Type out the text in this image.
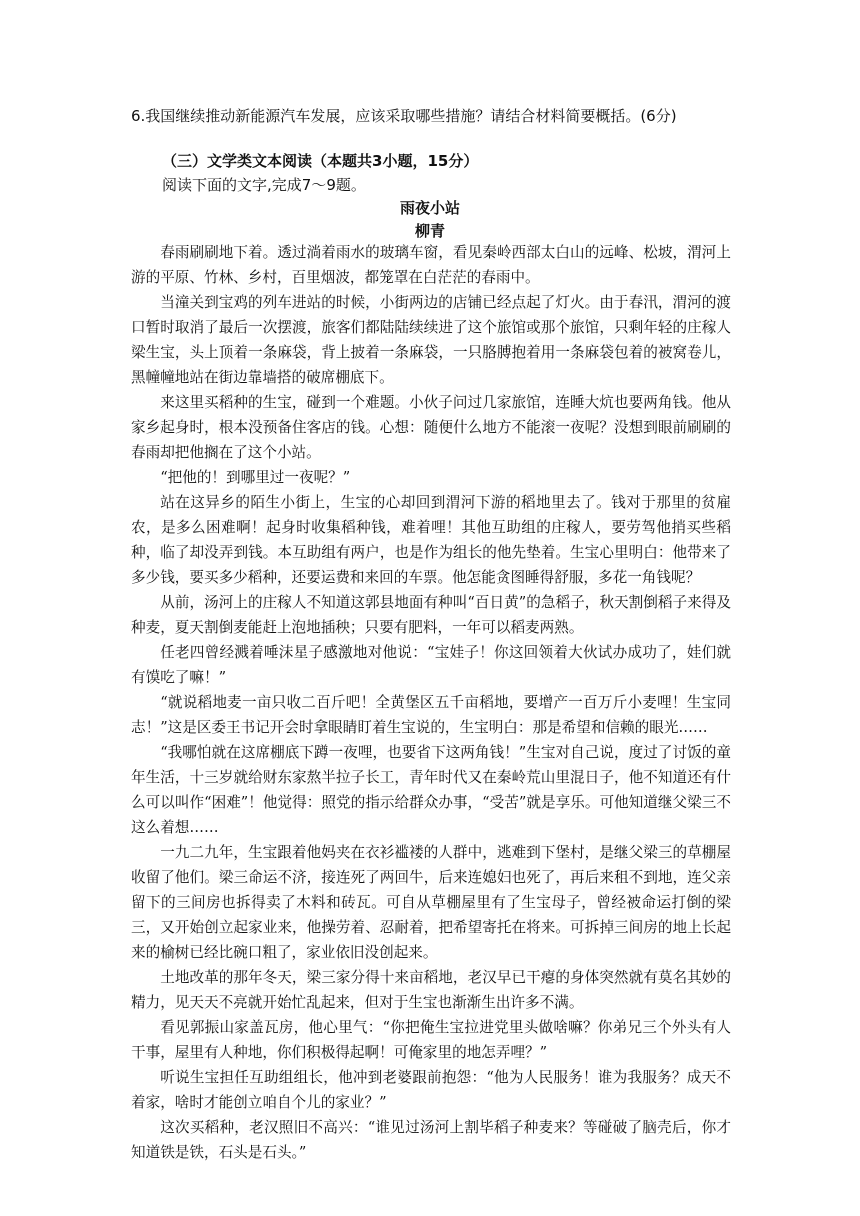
6.我国继续推动新能源汽车发展，应该采取哪些措施？请结合材料简要概括。(6分)
（三）文学类文本阅读（本题共3小题，15分）
阅读下面的文字,完成7～9题。
雨夜小站
柳青

春雨刷刷地下着。透过淌着雨水的玻璃车窗，看见秦岭西部太白山的远峰、松坡，渭河上游的平原、竹林、乡村，百里烟波，都笼罩在白茫茫的春雨中。

当潼关到宝鸡的列车进站的时候，小街两边的店铺已经点起了灯火。由于春汛，渭河的渡口暂时取消了最后一次摆渡，旅客们都陆陆续续进了这个旅馆或那个旅馆，只剩年轻的庄稼人梁生宝，头上顶着一条麻袋，背上披着一条麻袋，一只胳膊抱着用一条麻袋包着的被窝卷儿，黑幢幢地站在街边靠墙搭的破席棚底下。

来这里买稻种的生宝，碰到一个难题。小伙子问过几家旅馆，连睡大炕也要两角钱。他从家乡起身时，根本没预备住客店的钱。心想：随便什么地方不能滚一夜呢？没想到眼前刷刷的春雨却把他搁在了这个小站。

“把他的！到哪里过一夜呢？”

站在这异乡的陌生小街上，生宝的心却回到渭河下游的稻地里去了。钱对于那里的贫雇农，是多么困难啊！起身时收集稻种钱，难着哩！其他互助组的庄稼人，要劳驾他捎买些稻种，临了却没弄到钱。本互助组有两户，也是作为组长的他先垫着。生宝心里明白：他带来了多少钱，要买多少稻种，还要运费和来回的车票。他怎能贪图睡得舒服，多花一角钱呢？

从前，汤河上的庄稼人不知道这郭县地面有种叫“百日黄”的急稻子，秋天割倒稻子来得及种麦，夏天割倒麦能赶上泡地插秧；只要有肥料，一年可以稻麦两熟。

任老四曾经溅着唾沫星子感激地对他说：“宝娃子！你这回领着大伙试办成功了，娃们就有馍吃了嘛！”

“就说稻地麦一亩只收二百斤吧！全黄堡区五千亩稻地，要增产一百万斤小麦哩！生宝同志！”这是区委王书记开会时拿眼睛盯着生宝说的，生宝明白：那是希望和信赖的眼光……

“我哪怕就在这席棚底下蹲一夜哩，也要省下这两角钱！”生宝对自己说，度过了讨饭的童年生活，十三岁就给财东家熬半拉子长工，青年时代又在秦岭荒山里混日子，他不知道还有什么可以叫作“困难”！他觉得：照党的指示给群众办事，“受苦”就是享乐。可他知道继父梁三不这么着想……

一九二九年，生宝跟着他妈夹在衣衫褴褛的人群中，逃难到下堡村，是继父梁三的草棚屋收留了他们。梁三命运不济，接连死了两回牛，后来连媳妇也死了，再后来租不到地，连父亲留下的三间房也拆得卖了木料和砖瓦。可自从草棚屋里有了生宝母子，曾经被命运打倒的梁三，又开始创立起家业来，他操劳着、忍耐着，把希望寄托在将来。可拆掉三间房的地上长起来的榆树已经比碗口粗了，家业依旧没创起来。

土地改革的那年冬天，梁三家分得十来亩稻地，老汉早已干瘪的身体突然就有莫名其妙的精力，见天天不亮就开始忙乱起来，但对于生宝也渐渐生出许多不满。

看见郭振山家盖瓦房，他心里气：“你把俺生宝拉进党里头做啥嘛？你弟兄三个外头有人干事，屋里有人种地，你们积极得起啊！可俺家里的地怎弄哩？”

听说生宝担任互助组组长，他冲到老婆跟前抱怨：“他为人民服务！谁为我服务？成天不着家，啥时才能创立咱自个儿的家业？”

这次买稻种，老汉照旧不高兴：“谁见过汤河上割毕稻子种麦来？等碰破了脑壳后，你才知道铁是铁，石头是石头。”
